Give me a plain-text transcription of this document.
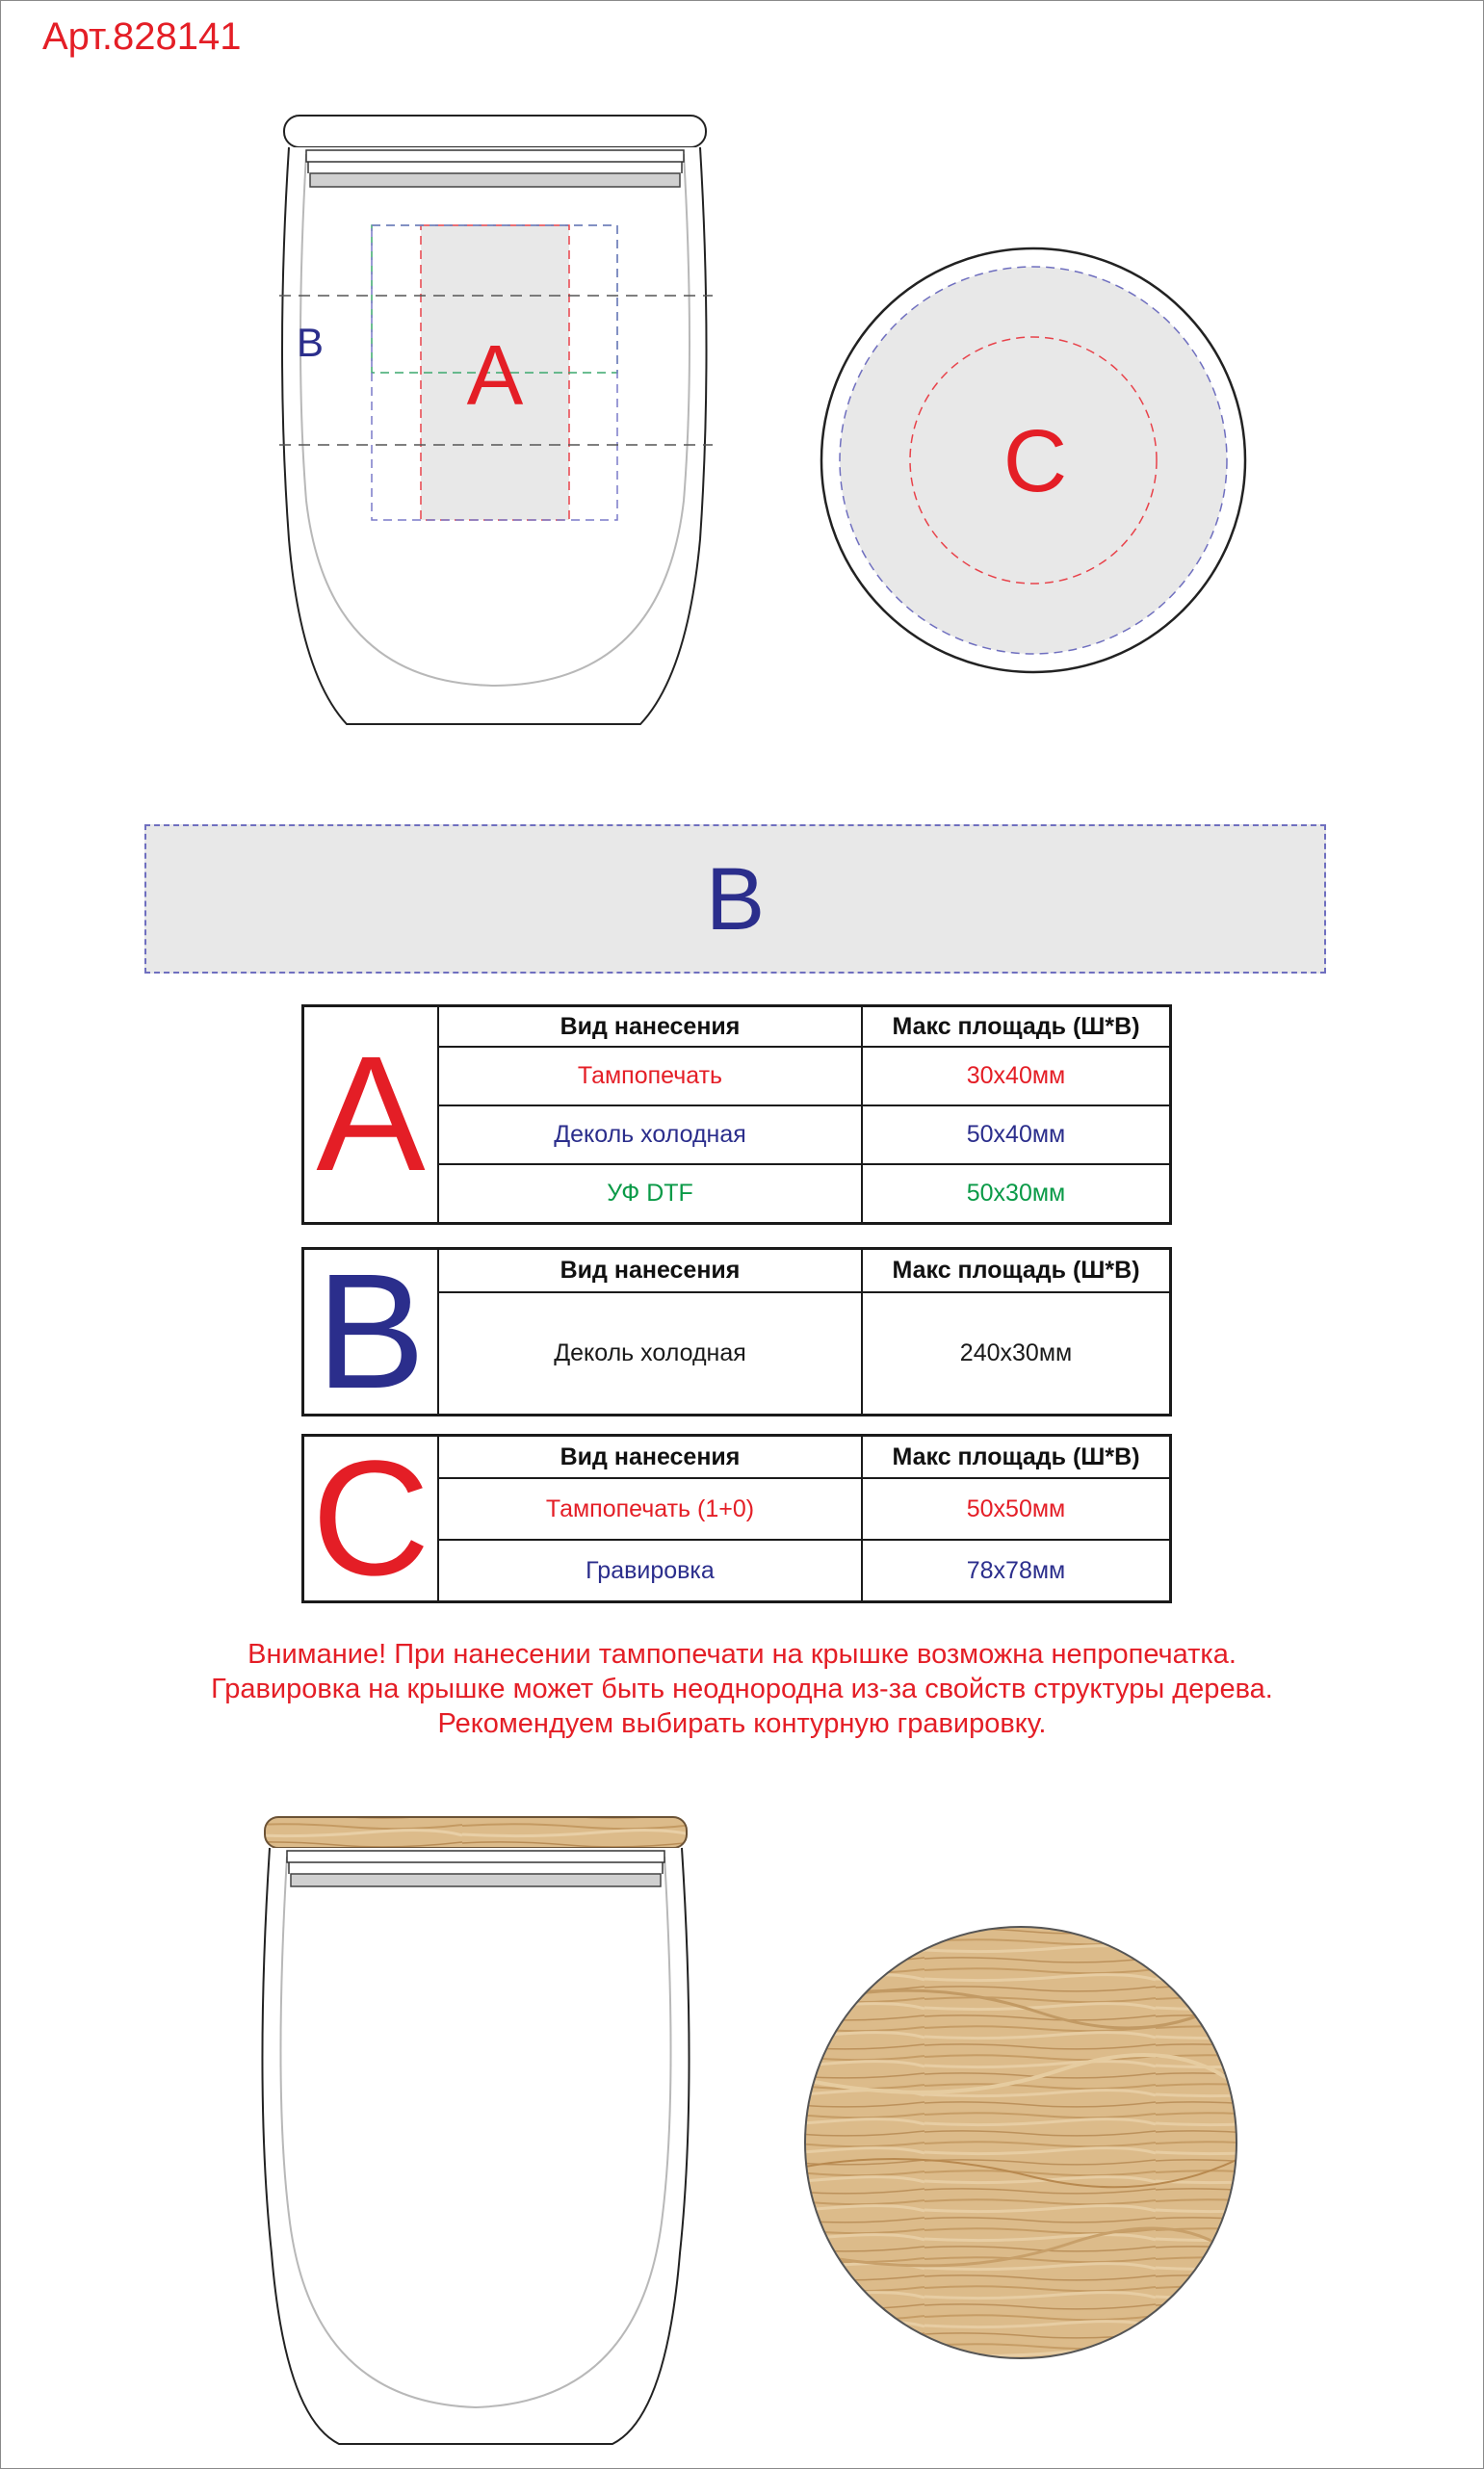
Арт.828141
A
B
C
B
A	Вид нанесения	Макс площадь (Ш*В)
	Тампопечать	30х40мм
	Деколь холодная	50х40мм
	УФ DTF	50х30мм
B	Вид нанесения	Макс площадь (Ш*В)
	Деколь холодная	240х30мм
C	Вид нанесения	Макс площадь (Ш*В)
	Тампопечать (1+0)	50х50мм
	Гравировка	78х78мм

Внимание! При нанесении тампопечати на крышке возможна непропечатка.

Гравировка на крышке может быть неоднородна из-за свойств структуры дерева.

Рекомендуем выбирать контурную гравировку.
